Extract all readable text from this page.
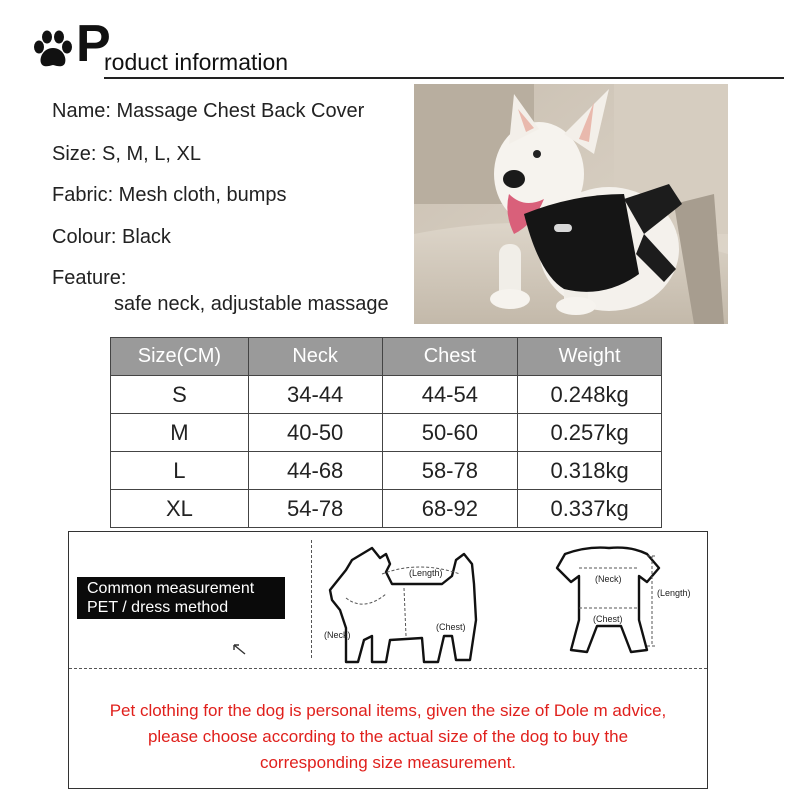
P
roduct information
Name: Massage Chest Back Cover
Size: S, M, L, XL
Fabric: Mesh cloth, bumps
Colour: Black
Feature:
safe neck, adjustable massage
Size(CM)	Neck	Chest	Weight
S	34-44	44-54	0.248kg
M	40-50	50-60	0.257kg
L	44-68	58-78	0.318kg
XL	54-78	68-92	0.337kg
Common measurement
PET / dress method
(Length)
(Neck)
(Chest)
(Neck)
(Length)
(Chest)
Pet clothing for the dog is personal items, given the size of Dole m advice,
please choose according to the actual size of the dog to buy the
corresponding size measurement.
